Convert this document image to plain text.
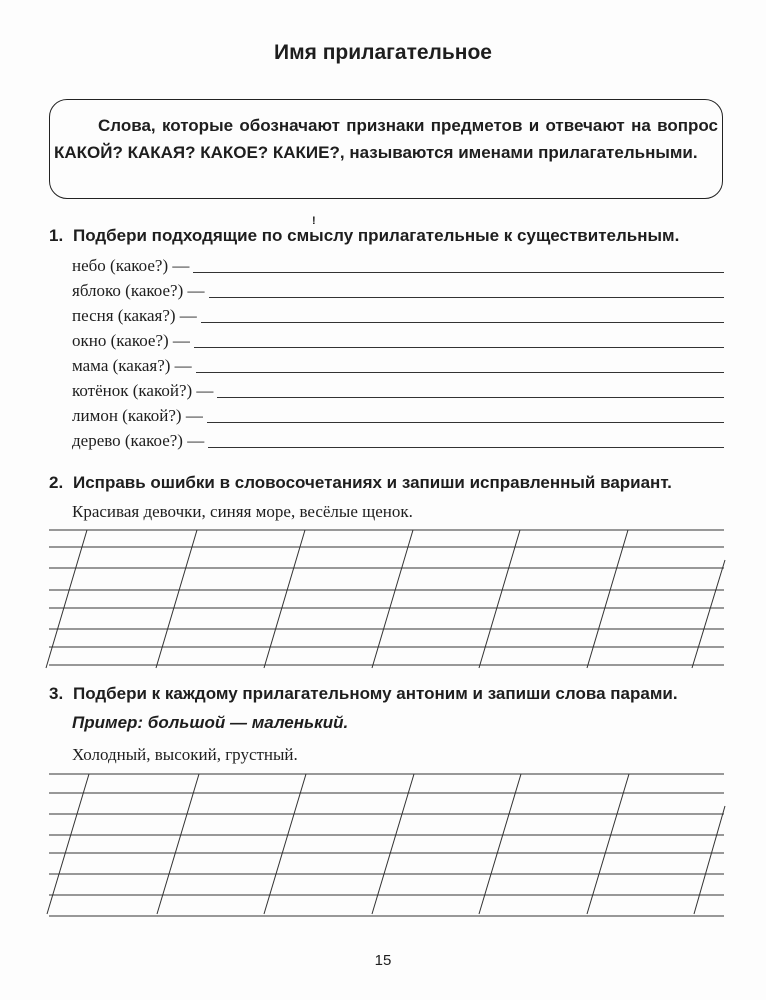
Имя прилагательное

Слова, которые обозначают признаки предметов и отвечают на вопрос КАКОЙ? КАКАЯ? КАКОЕ? КАКИЕ?, называются именами прилагательными.

1. Подбери подходящие по смыслу прилагательные к существительным.
!
небо (какое?) —
яблоко (какое?) —
песня (какая?) —
окно (какое?) —
мама (какая?) —
котёнок (какой?) —
лимон (какой?) —
дерево (какое?) —
2. Исправь ошибки в словосочетаниях и запиши исправленный вариант.

Красивая девочки, синяя море, весёлые щенок.

3. Подбери к каждому прилагательному антоним и запиши слова парами.

Пример: большой — маленький.

Холодный, высокий, грустный.

15
